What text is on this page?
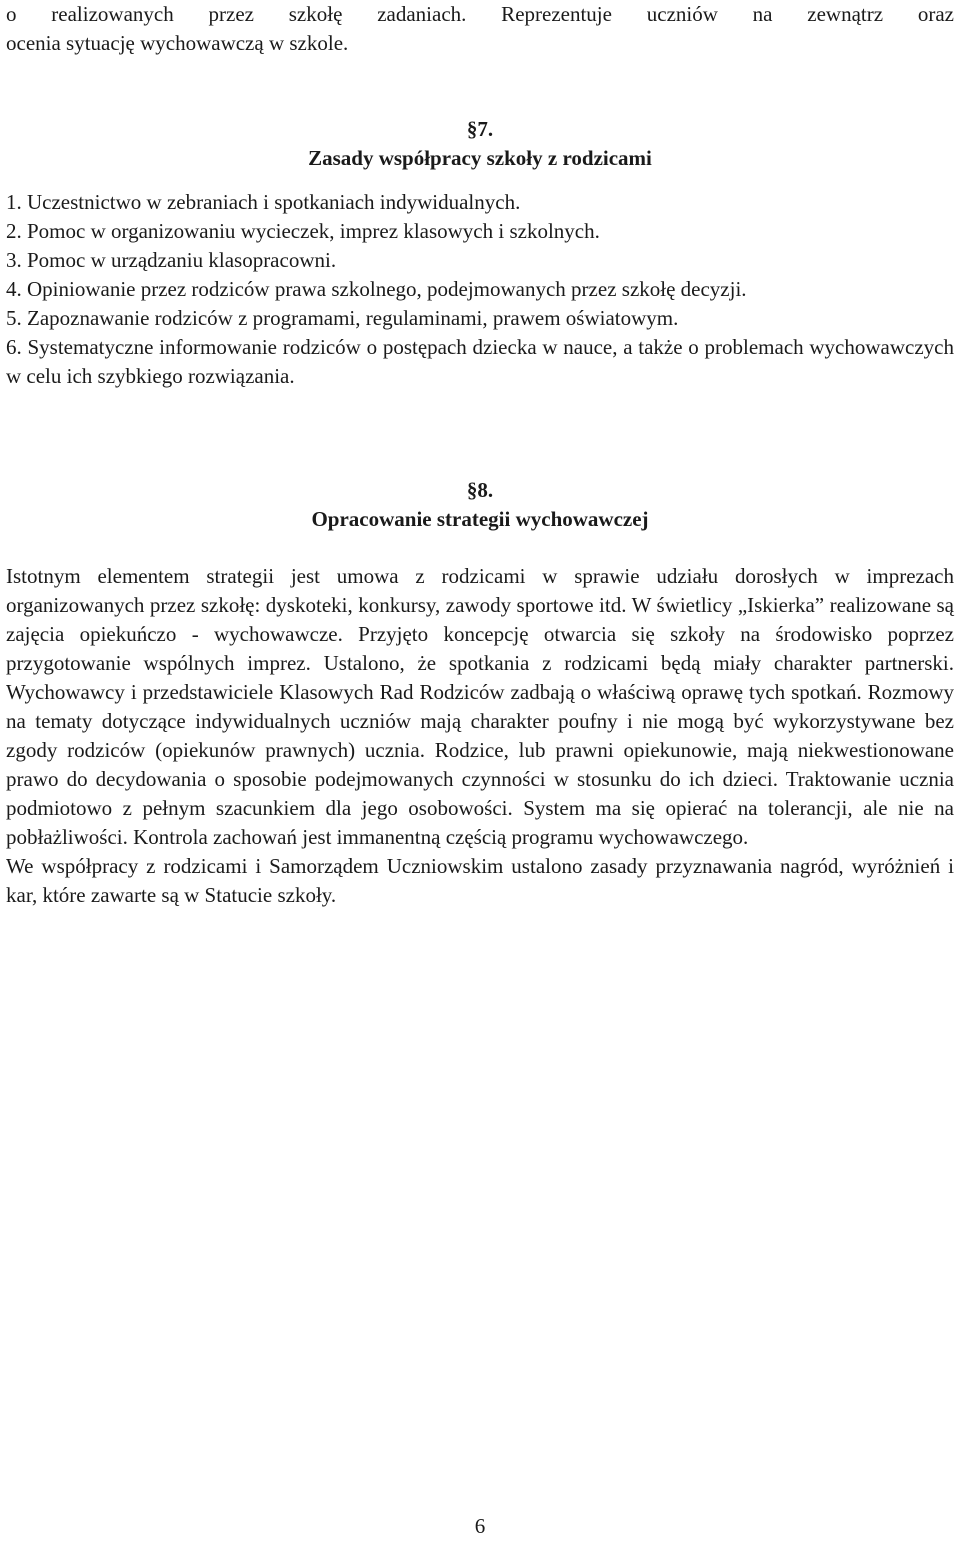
o realizowanych przez szkołę zadaniach. Reprezentuje uczniów na zewnątrz oraz
ocenia sytuację wychowawczą w szkole.
§7.
Zasady współpracy szkoły z rodzicami
1. Uczestnictwo w zebraniach i spotkaniach indywidualnych.
2. Pomoc w organizowaniu wycieczek, imprez klasowych i szkolnych.
3. Pomoc w urządzaniu klasopracowni.
4. Opiniowanie przez rodziców prawa szkolnego, podejmowanych przez szkołę decyzji.
5. Zapoznawanie rodziców z programami, regulaminami, prawem oświatowym.
6. Systematyczne informowanie rodziców o postępach dziecka w nauce, a także o problemach wychowawczych w celu ich szybkiego rozwiązania.
§8.
Opracowanie strategii wychowawczej

Istotnym elementem strategii jest umowa z rodzicami w sprawie udziału dorosłych w imprezach organizowanych przez szkołę: dyskoteki, konkursy, zawody sportowe itd. W świetlicy „Iskierka” realizowane są zajęcia opiekuńczo - wychowawcze. Przyjęto koncepcję otwarcia się szkoły na środowisko poprzez przygotowanie wspólnych imprez. Ustalono, że spotkania z rodzicami będą miały charakter partnerski. Wychowawcy i przedstawiciele Klasowych Rad Rodziców zadbają o właściwą oprawę tych spotkań. Rozmowy na tematy dotyczące indywidualnych uczniów mają charakter poufny i nie mogą być wykorzystywane bez zgody rodziców (opiekunów prawnych) ucznia. Rodzice, lub prawni opiekunowie, mają niekwestionowane prawo do decydowania o sposobie podejmowanych czynności w stosunku do ich dzieci. Traktowanie ucznia podmiotowo z pełnym szacunkiem dla jego osobowości. System ma się opierać na tolerancji, ale nie na pobłażliwości. Kontrola zachowań jest immanentną częścią programu wychowawczego.

We współpracy z rodzicami i Samorządem Uczniowskim ustalono zasady przyznawania nagród, wyróżnień i kar, które zawarte są w Statucie szkoły.

6
